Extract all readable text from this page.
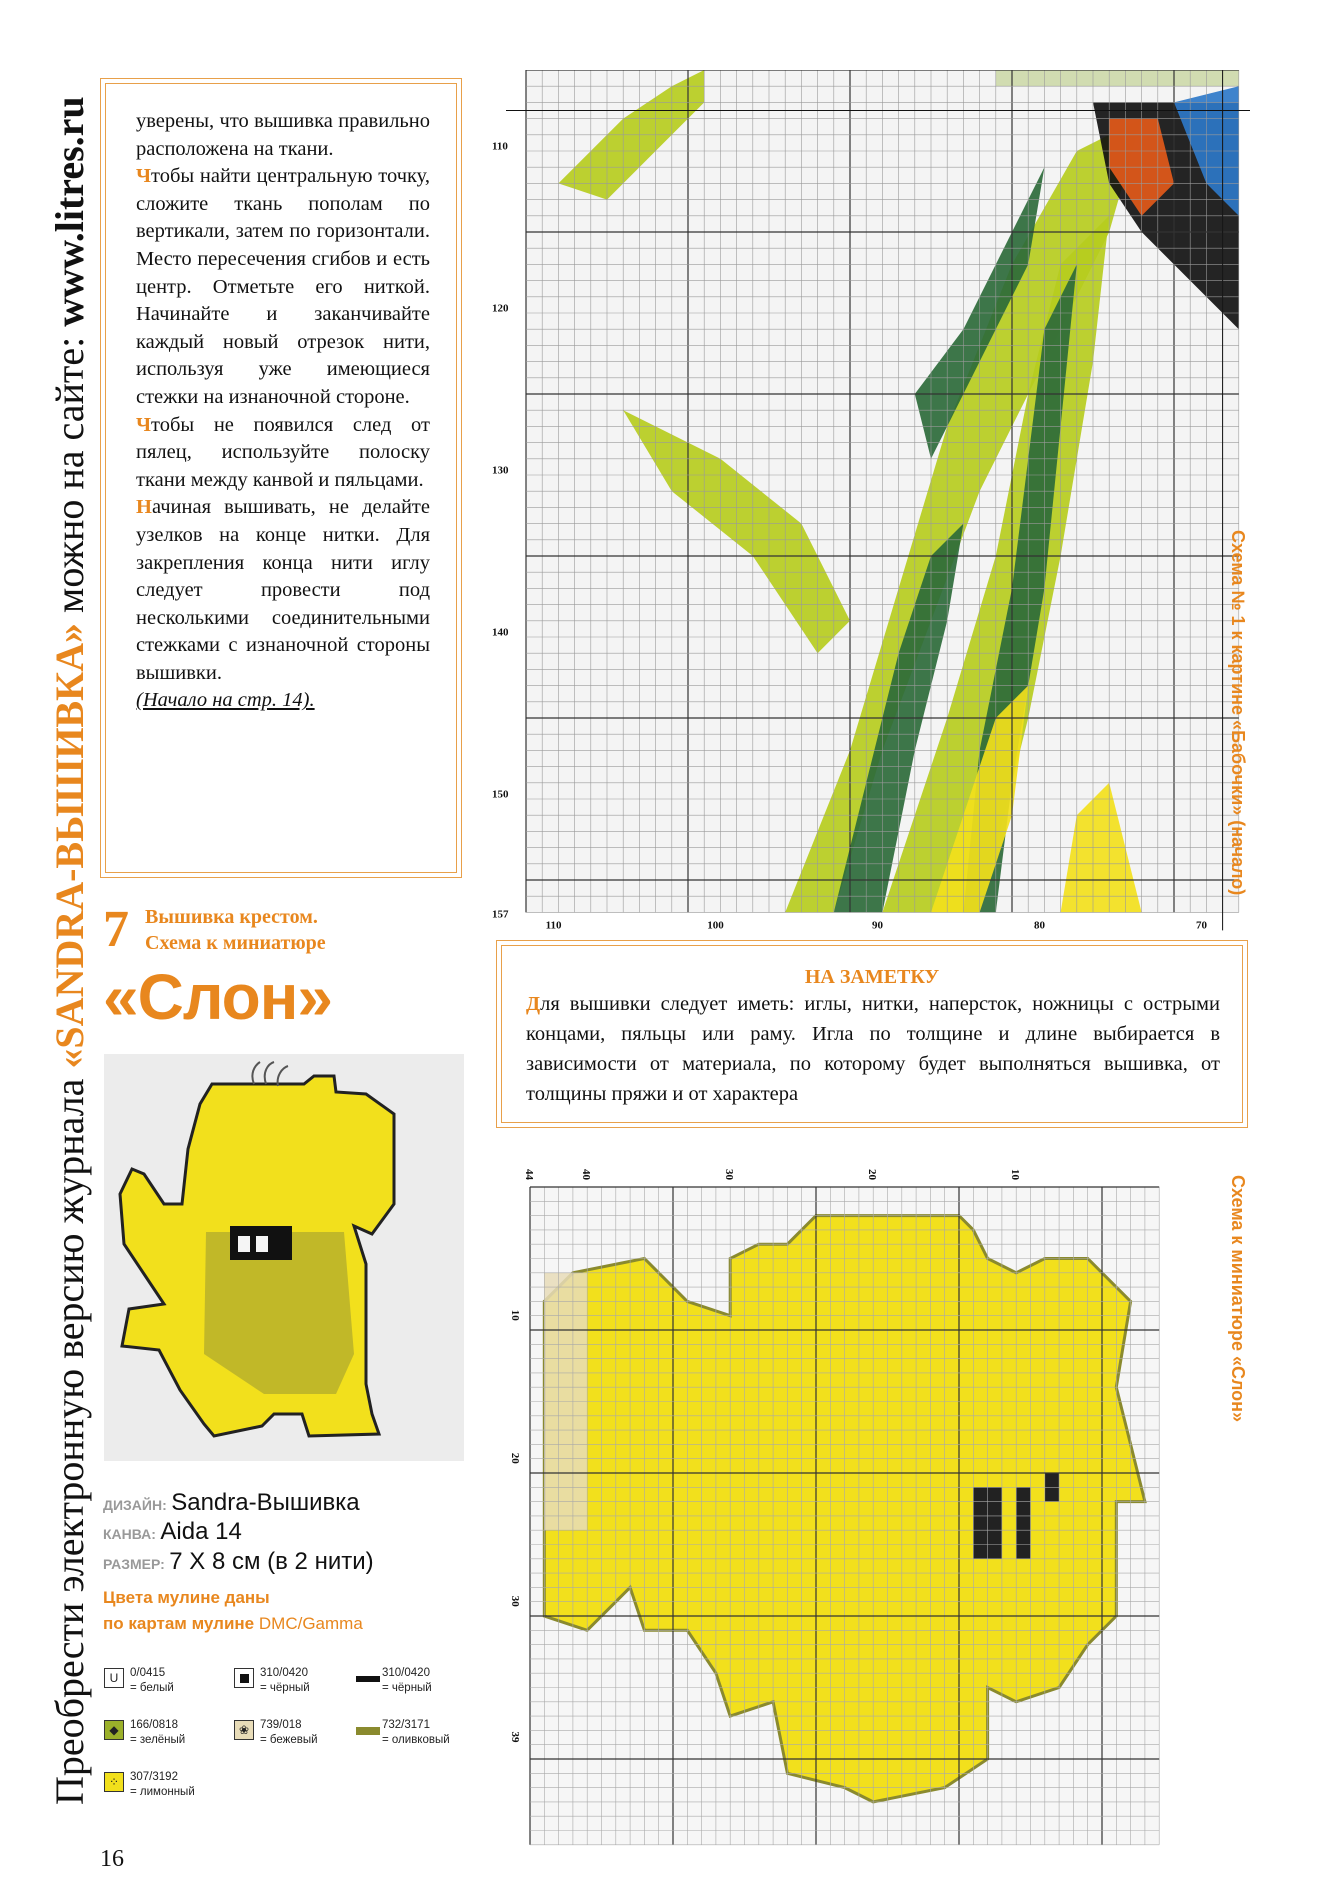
Преобрести электронную версию журнала «SANDRA-ВЫШИВКА» можно на сайте: www.litres.ru	уверены, что вышивка правильно расположена на ткани.

Чтобы найти центральную точку, сложите ткань пополам по вертикали, затем по горизонтали. Место пересечения сгибов и есть центр. Отметьте его ниткой. Начинайте и заканчивайте каждый новый отрезок нити, используя уже имеющиеся стежки на изнаночной стороне.

Чтобы не появился след от пялец, используйте полоску ткани между канвой и пяльцами.

Начиная вышивать, не делайте узелков на конце нитки. Для закрепления конца нити иглу следует провести под несколькими соединительными стежками с изнаночной стороны вышивки.

(Начало на стр. 14).

7 Вышивка крестом.
Схема к миниатюре
«Слон»
ДИЗАЙН: Sandra-Вышивка
КАНВА: Aida 14
РАЗМЕР: 7 Х 8 см (в 2 нити)
Цвета мулине даны
по картам мулине DMC/Gamma
U 0/0415
= белый
310/0420
= чёрный
310/0420
= чёрный
◆ 166/0818
= зелёный
❀ 739/018
= бежевый
732/3171
= оливковый
⁘ 307/3192
= лимонный
16
110
120
130
140
150
157
110	100	90	80	70
Схема № 1 к картине «Бабочки» (начало)
НА ЗАМЕТКУ

Для вышивки следует иметь: иглы, нитки, наперсток, ножницы с острыми концами, пяльцы или раму. Игла по толщине и длине выбирается в зависимости от материала, по которому будет выполняться вышивка, от толщины пряжи и от характера

44	40	30	20	10
10
20
30
39
Схема к миниатюре «Слон»
